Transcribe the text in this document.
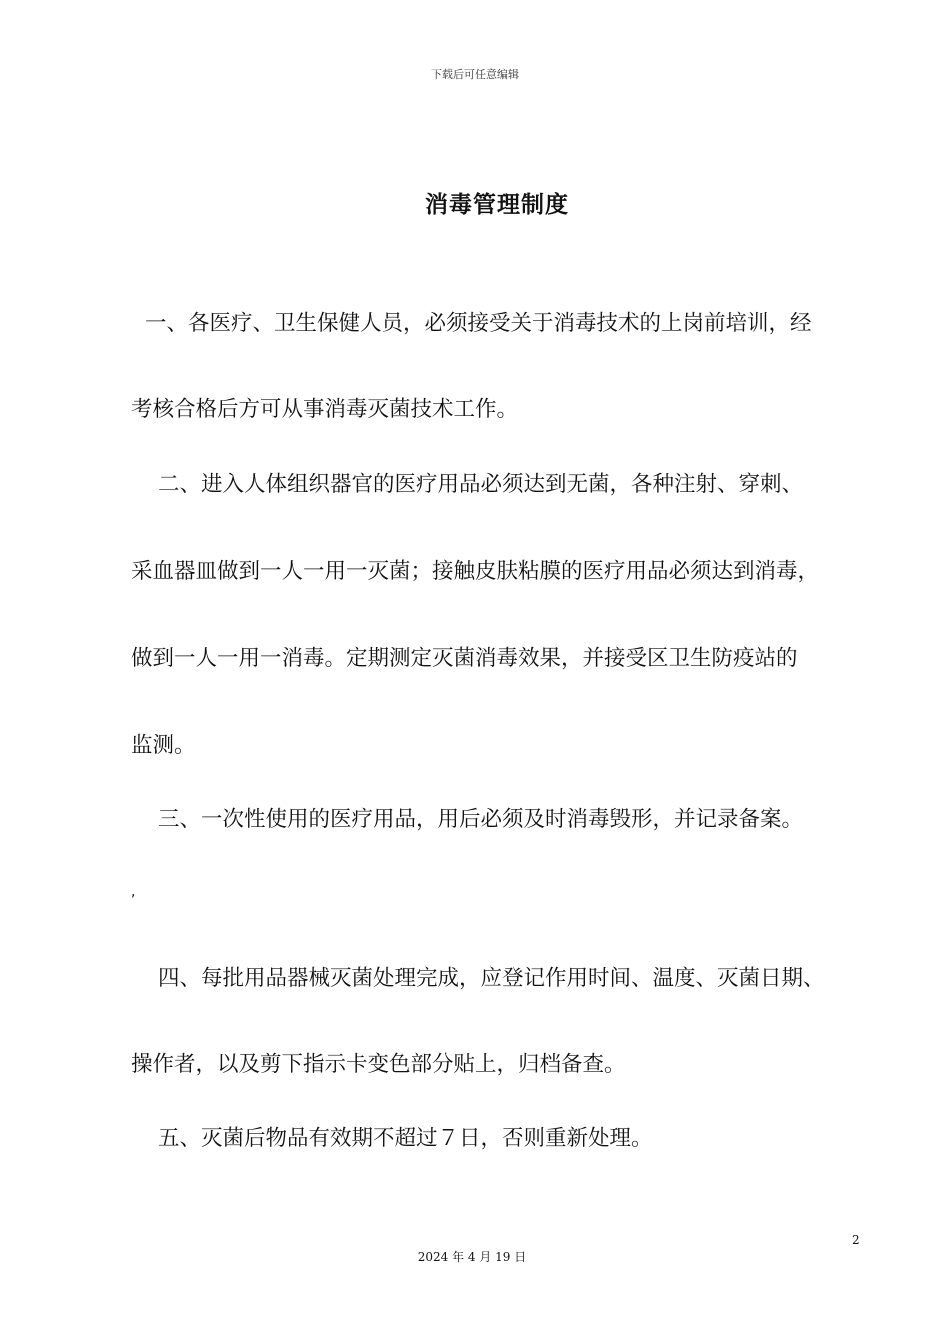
下载后可任意编辑
消毒管理制度
一、各医疗、卫生保健人员，必须接受关于消毒技术的上岗前培训，经
考核合格后方可从事消毒灭菌技术工作。
二、进入人体组织器官的医疗用品必须达到无菌，各种注射、穿刺、
采血器皿做到一人一用一灭菌；接触皮肤粘膜的医疗用品必须达到消毒，
做到一人一用一消毒。定期测定灭菌消毒效果，并接受区卫生防疫站的
监测。
三、一次性使用的医疗用品，用后必须及时消毒毁形，并记录备案。
,
四、每批用品器械灭菌处理完成，应登记作用时间、温度、灭菌日期、
操作者，以及剪下指示卡变色部分贴上，归档备查。
五、灭菌后物品有效期不超过７日，否则重新处理。
2
2024 年 4 月 19 日
